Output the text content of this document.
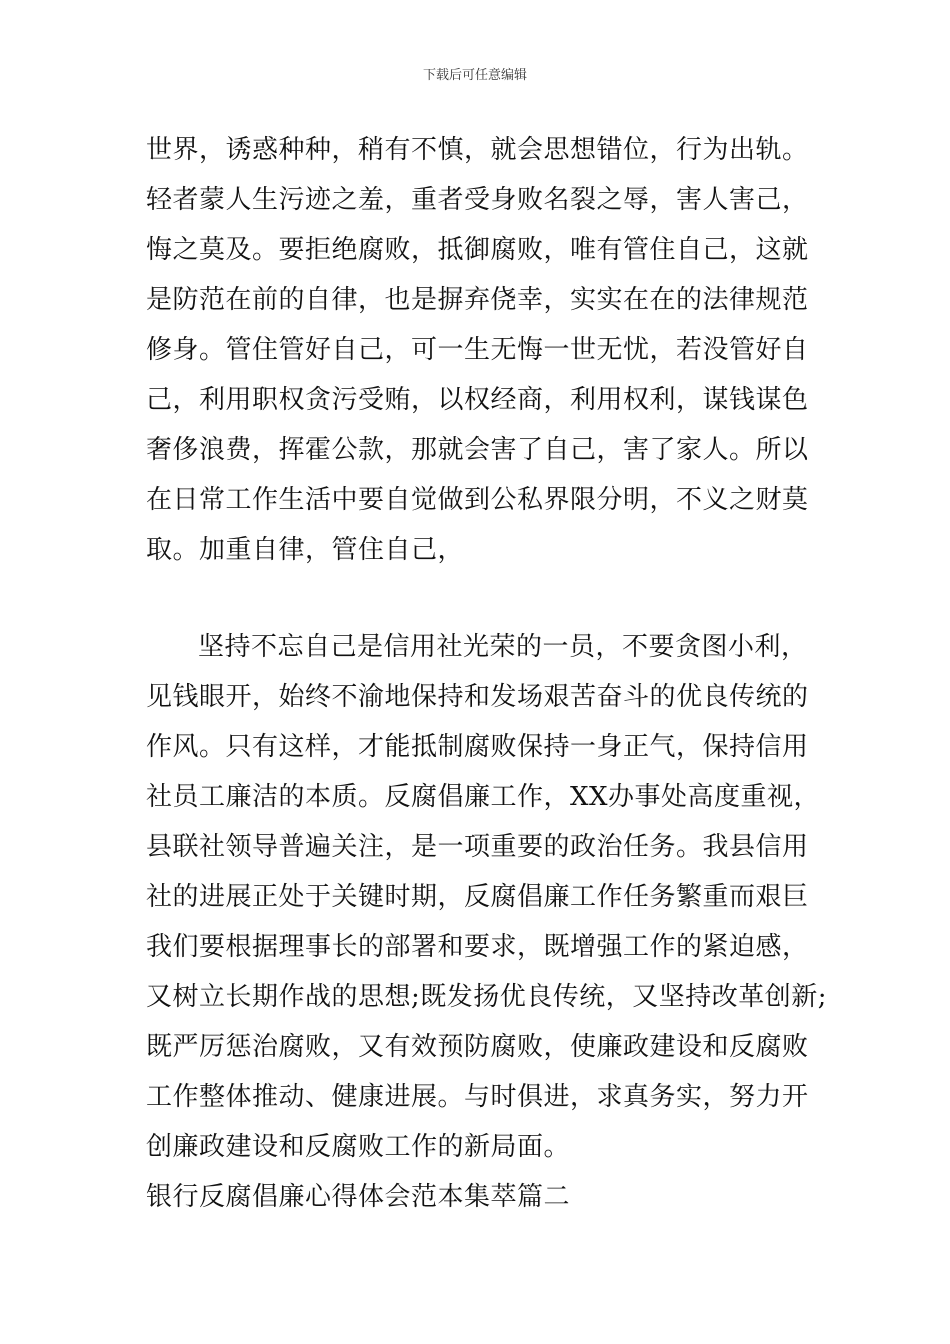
下载后可任意编辑
世界，诱惑种种，稍有不慎，就会思想错位，行为出轨。
轻者蒙人生污迹之羞，重者受身败名裂之辱，害人害己，
悔之莫及。要拒绝腐败，抵御腐败，唯有管住自己，这就
是防范在前的自律，也是摒弃侥幸，实实在在的法律规范
修身。管住管好自己，可一生无悔一世无忧，若没管好自
己，利用职权贪污受贿，以权经商，利用权利，谋钱谋色
奢侈浪费，挥霍公款，那就会害了自己，害了家人。所以
在日常工作生活中要自觉做到公私界限分明，不义之财莫
取。加重自律，管住自己，
坚持不忘自己是信用社光荣的一员，不要贪图小利，
见钱眼开，始终不渝地保持和发场艰苦奋斗的优良传统的
作风。只有这样，才能抵制腐败保持一身正气，保持信用
社员工廉洁的本质。反腐倡廉工作，XX办事处高度重视，
县联社领导普遍关注，是一项重要的政治任务。我县信用
社的进展正处于关键时期，反腐倡廉工作任务繁重而艰巨
我们要根据理事长的部署和要求，既增强工作的紧迫感，
又树立长期作战的思想;既发扬优良传统，又坚持改革创新;
既严厉惩治腐败，又有效预防腐败，使廉政建设和反腐败
工作整体推动、健康进展。与时俱进，求真务实，努力开
创廉政建设和反腐败工作的新局面。
银行反腐倡廉心得体会范本集萃篇二
